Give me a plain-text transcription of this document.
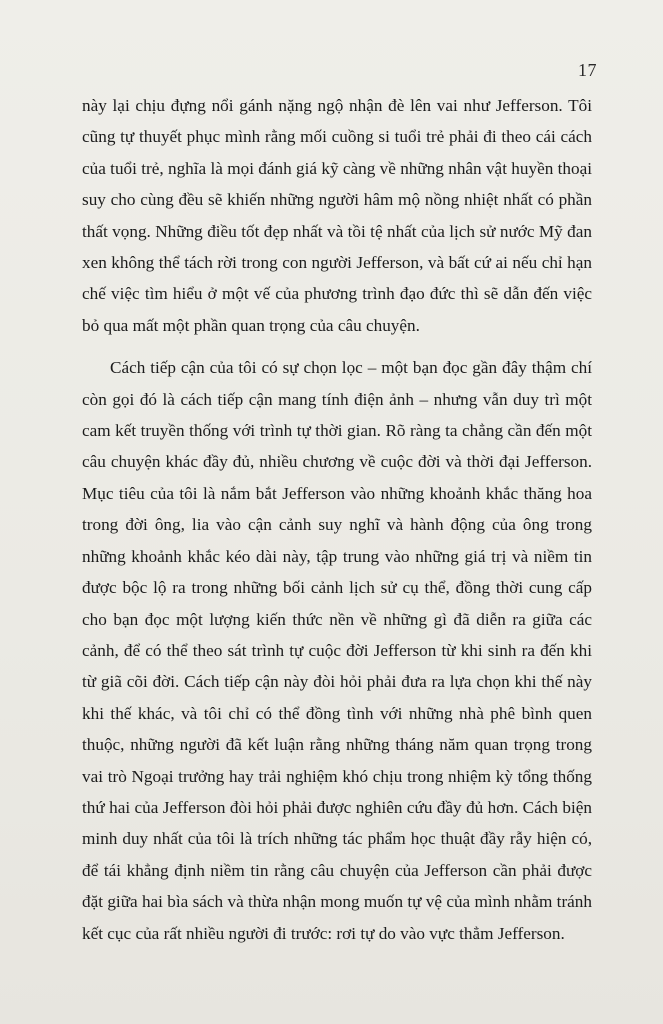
17

này lại chịu đựng nổi gánh nặng ngộ nhận đè lên vai như Jefferson. Tôi cũng tự thuyết phục mình rằng mối cuồng si tuổi trẻ phải đi theo cái cách của tuổi trẻ, nghĩa là mọi đánh giá kỹ càng về những nhân vật huyền thoại suy cho cùng đều sẽ khiến những người hâm mộ nồng nhiệt nhất có phần thất vọng. Những điều tốt đẹp nhất và tồi tệ nhất của lịch sử nước Mỹ đan xen không thể tách rời trong con người Jefferson, và bất cứ ai nếu chỉ hạn chế việc tìm hiểu ở một vế của phương trình đạo đức thì sẽ dẫn đến việc bỏ qua mất một phần quan trọng của câu chuyện.

Cách tiếp cận của tôi có sự chọn lọc – một bạn đọc gần đây thậm chí còn gọi đó là cách tiếp cận mang tính điện ảnh – nhưng vẫn duy trì một cam kết truyền thống với trình tự thời gian. Rõ ràng ta chẳng cần đến một câu chuyện khác đầy đủ, nhiều chương về cuộc đời và thời đại Jefferson. Mục tiêu của tôi là nắm bắt Jefferson vào những khoảnh khắc thăng hoa trong đời ông, lia vào cận cảnh suy nghĩ và hành động của ông trong những khoảnh khắc kéo dài này, tập trung vào những giá trị và niềm tin được bộc lộ ra trong những bối cảnh lịch sử cụ thể, đồng thời cung cấp cho bạn đọc một lượng kiến thức nền về những gì đã diễn ra giữa các cảnh, để có thể theo sát trình tự cuộc đời Jefferson từ khi sinh ra đến khi từ giã cõi đời. Cách tiếp cận này đòi hỏi phải đưa ra lựa chọn khi thế này khi thế khác, và tôi chỉ có thể đồng tình với những nhà phê bình quen thuộc, những người đã kết luận rằng những tháng năm quan trọng trong vai trò Ngoại trưởng hay trải nghiệm khó chịu trong nhiệm kỳ tổng thống thứ hai của Jefferson đòi hỏi phải được nghiên cứu đầy đủ hơn. Cách biện minh duy nhất của tôi là trích những tác phẩm học thuật đầy rẫy hiện có, để tái khẳng định niềm tin rằng câu chuyện của Jefferson cần phải được đặt giữa hai bìa sách và thừa nhận mong muốn tự vệ của mình nhằm tránh kết cục của rất nhiều người đi trước: rơi tự do vào vực thẳm Jefferson.
